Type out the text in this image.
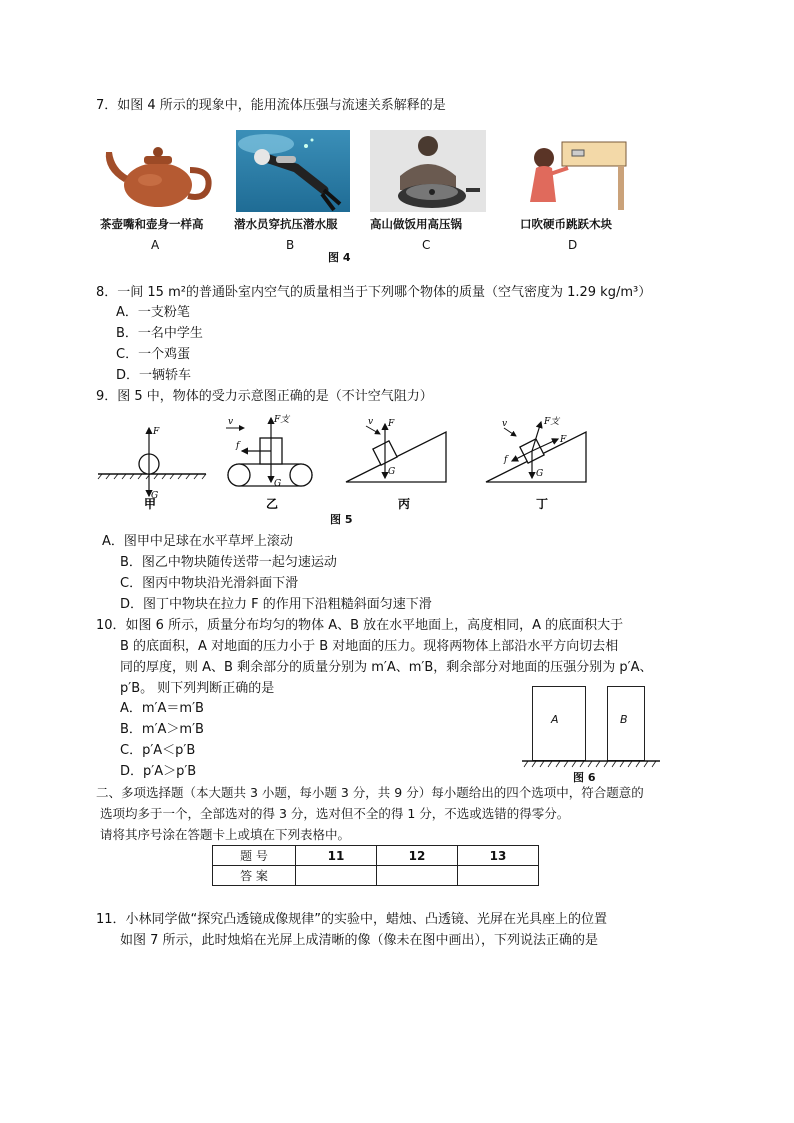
7．如图 4 所示的现象中，能用流体压强与流速关系解释的是
茶壶嘴和壶身一样高
A
潜水员穿抗压潜水服
B
高山做饭用高压锅
C
口吹硬币跳跃木块
D
图 4
8．一间 15 m²的普通卧室内空气的质量相当于下列哪个物体的质量（空气密度为 1.29 kg/m³）
A．一支粉笔
B．一名中学生
C．一个鸡蛋
D．一辆轿车
9．图 5 中，物体的受力示意图正确的是（不计空气阻力）
F
G
v	F支
f
G
v F
G
v	F支
F
f
G
甲	乙	丙	丁
图 5
A．图甲中足球在水平草坪上滚动
B．图乙中物块随传送带一起匀速运动
C．图丙中物块沿光滑斜面下滑
D．图丁中物块在拉力 F 的作用下沿粗糙斜面匀速下滑
10．如图 6 所示，质量分布均匀的物体 A、B 放在水平地面上，高度相同，A 的底面积大于
B 的底面积，A 对地面的压力小于 B 对地面的压力。现将两物体上部沿水平方向切去相
同的厚度，则 A、B 剩余部分的质量分别为 m′A、m′B，剩余部分对地面的压强分别为 p′A、
p′B。 则下列判断正确的是
A．m′A＝m′B
B．m′A＞m′B
C．p′A＜p′B
D．p′A＞p′B
A	B
图 6
二、多项选择题（本大题共 3 小题，每小题 3 分，共 9 分）每小题给出的四个选项中，符合题意的
选项均多于一个，全部选对的得 3 分，选对但不全的得 1 分，不选或选错的得零分。
请将其序号涂在答题卡上或填在下列表格中。
题 号	11	12	13
答 案			
11．小林同学做“探究凸透镜成像规律”的实验中，蜡烛、凸透镜、光屏在光具座上的位置
如图 7 所示，此时烛焰在光屏上成清晰的像（像未在图中画出），下列说法正确的是
